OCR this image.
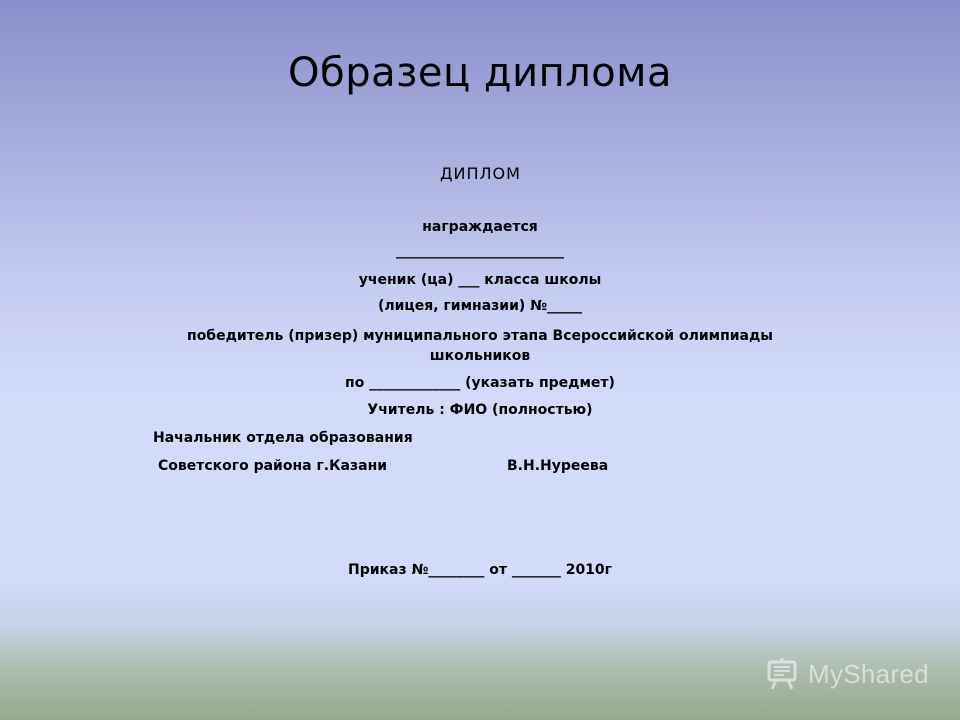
Образец диплома
ДИПЛОМ
награждается
________________________
ученик (ца) ___ класса школы
(лицея, гимназии) №_____
победитель (призер) муниципального этапа Всероссийской олимпиады школьников
по _____________ (указать предмет)
Учитель : ФИО (полностью)
Начальник отдела образования
Советского района г.Казани	В.Н.Нуреева
Приказ №________ от _______ 2010г
MyShared
